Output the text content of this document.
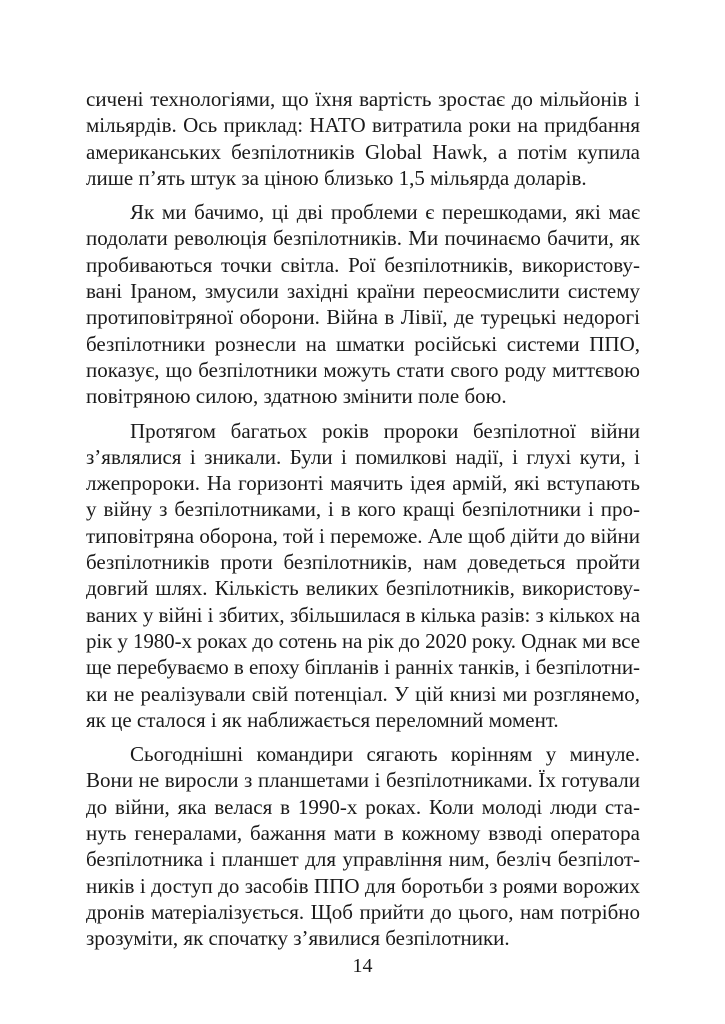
сичені технологіями, що їхня вартість зростає до мільйонів і
мільярдів. Ось приклад: НАТО витратила роки на придбання
американських безпілотників Global Hawk, а потім купила
лише п’ять штук за ціною близько 1,5 мільярда доларів.
Як ми бачимо, ці дві проблеми є перешкодами, які має
подолати революція безпілотників. Ми починаємо бачити, як
пробиваються точки світла. Рої безпілотників, використову-
вані Іраном, змусили західні країни переосмислити систему
протиповітряної оборони. Війна в Лівії, де турецькі недорогі
безпілотники рознесли на шматки російські системи ППО,
показує, що безпілотники можуть стати свого роду миттєвою
повітряною силою, здатною змінити поле бою.
Протягом багатьох років пророки безпілотної війни
з’являлися і зникали. Були і помилкові надії, і глухі кути, і
лжепророки. На горизонті маячить ідея армій, які вступають
у війну з безпілотниками, і в кого кращі безпілотники і про-
типовітряна оборона, той і переможе. Але щоб дійти до війни
безпілотників проти безпілотників, нам доведеться пройти
довгий шлях. Кількість великих безпілотників, використову-
ваних у війні і збитих, збільшилася в кілька разів: з кількох на
рік у 1980-х роках до сотень на рік до 2020 року. Однак ми все
ще перебуваємо в епоху біпланів і ранніх танків, і безпілотни-
ки не реалізували свій потенціал. У цій книзі ми розглянемо,
як це сталося і як наближається переломний момент.
Сьогоднішні командири сягають корінням у минуле.
Вони не виросли з планшетами і безпілотниками. Їх готували
до війни, яка велася в 1990-х роках. Коли молоді люди ста-
нуть генералами, бажання мати в кожному взводі оператора
безпілотника і планшет для управління ним, безліч безпілот-
ників і доступ до засобів ППО для боротьби з роями ворожих
дронів матеріалізується. Щоб прийти до цього, нам потрібно
зрозуміти, як спочатку з’явилися безпілотники.
14
